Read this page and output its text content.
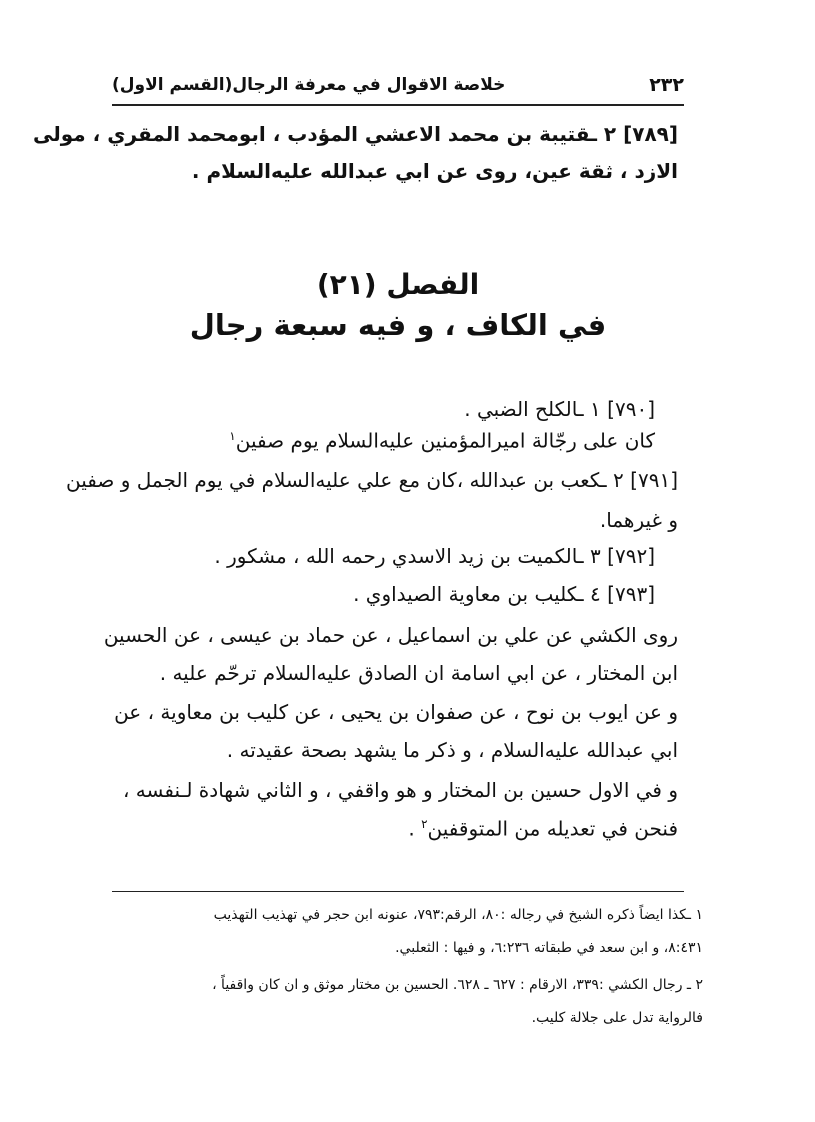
٢٣٢
خلاصة الاقوال في معرفة الرجال(القسم الاول)
[٧٨٩] ٢ ـقتيبة بن محمد الاعشي المؤدب ، ابومحمد المقري ، مولى
الازد ، ثقة عين، روى عن ابي عبدالله عليه‌السلام .
الفصل (٢١)
في الكاف ، و فيه سبعة رجال
[٧٩٠] ١ ـالكلح الضبي .
كان على رجّالة اميرالمؤمنين عليه‌السلام يوم صفين$^١$
[٧٩١] ٢ ـكعب بن عبدالله ،كان مع علي عليه‌السلام في يوم الجمل و صفين
و غيرهما.
[٧٩٢] ٣ ـالكميت بن زيد الاسدي رحمه الله ، مشكور .
[٧٩٣] ٤ ـكليب بن معاوية الصيداوي .
روى الكشي عن علي بن اسماعيل ، عن حماد بن عيسى ، عن الحسين
ابن المختار ، عن ابي اسامة ان الصادق عليه‌السلام ترحّم عليه .
و عن ايوب بن نوح ، عن صفوان بن يحيى ، عن كليب بن معاوية ، عن
ابي عبدالله عليه‌السلام ، و ذكر ما يشهد بصحة عقيدته .
و في الاول حسين بن المختار و هو واقفي ، و الثاني شهادة لـنفسه ،
فنحن في تعديله من المتوقفين$^٢$ .
١ ـكذا ايضاً ذكره الشيخ في رجاله :٨٠، الرقم:٧٩٣، عنونه ابن حجر في تهذيب التهذيب
٨:٤٣١، و ابن سعد في طبقاته ٦:٢٣٦، و فيها : الثعلبي.
٢ ـ رجال الكشي :٣٣٩، الارقام : ٦٢٧ ـ ٦٢٨. الحسين بن مختار موثق و ان كان واقفياً ،
فالرواية تدل على جلالة كليب.
